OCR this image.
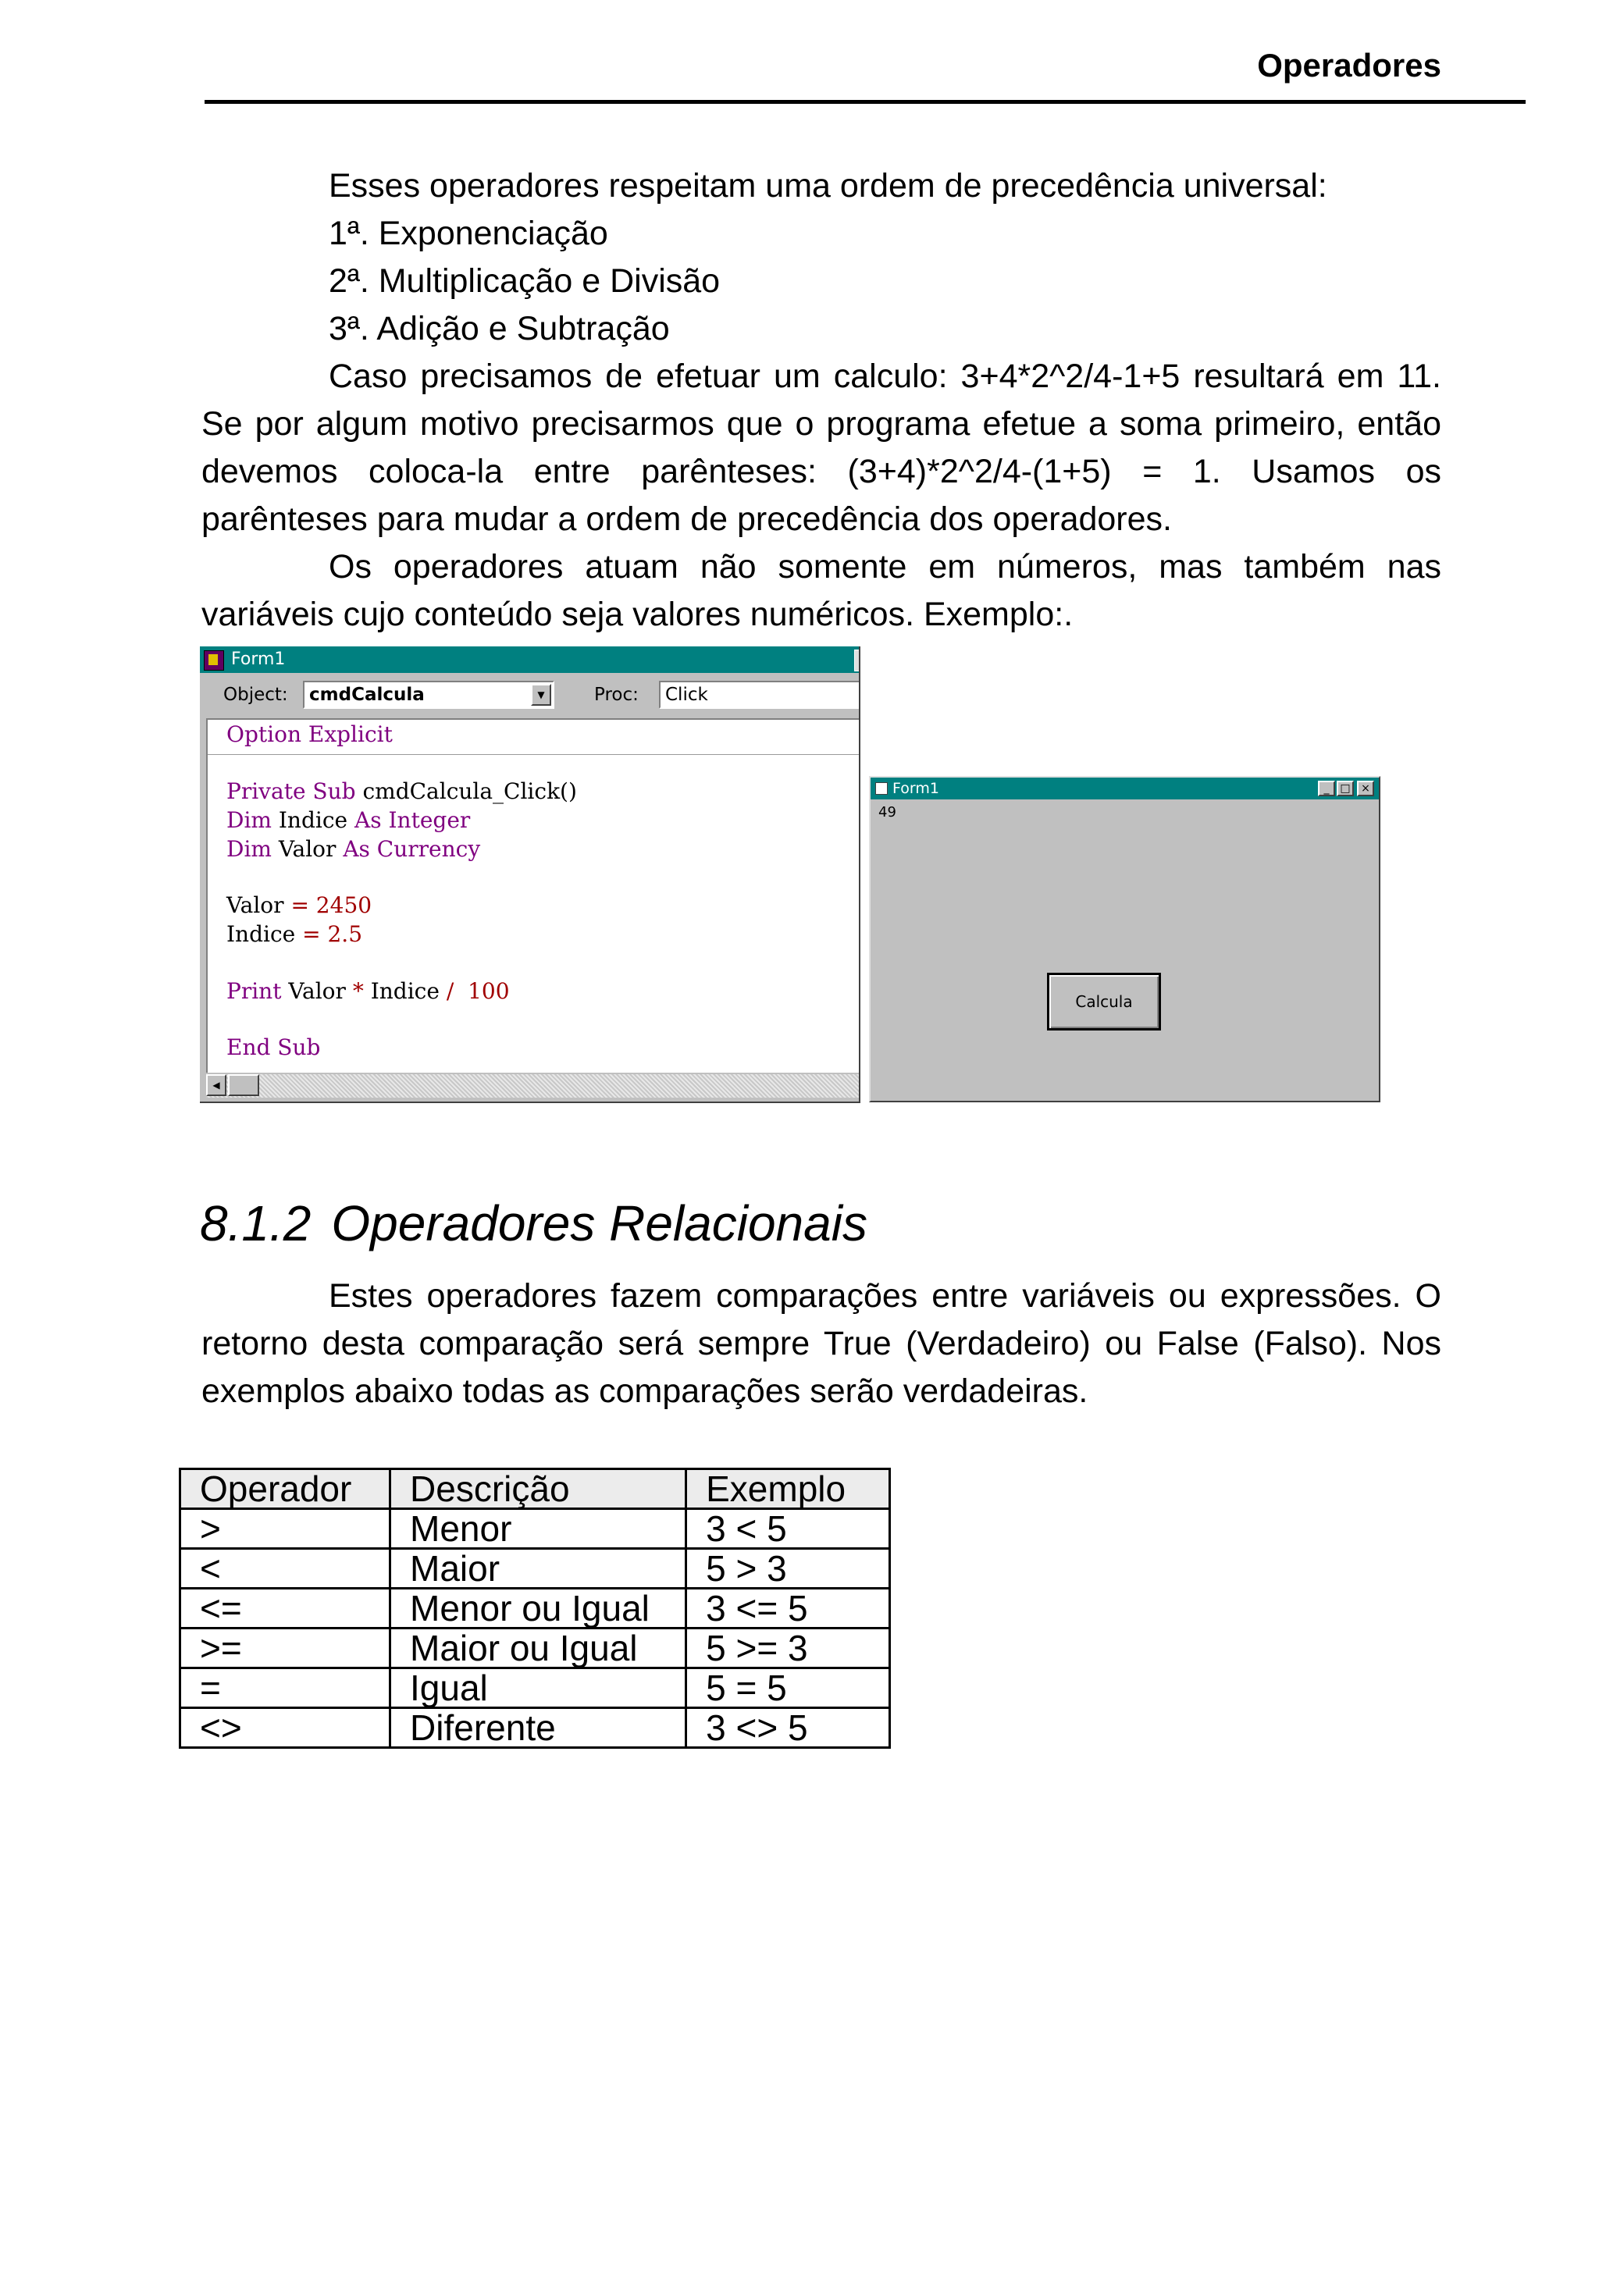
Operadores

Esses operadores respeitam uma ordem de precedência universal:

1ª. Exponenciação

2ª. Multiplicação e Divisão

3ª. Adição e Subtração

Caso precisamos de efetuar um calculo: 3+4*2^2/4-1+5 resultará em 11. Se por algum motivo precisarmos que o programa efetue a soma primeiro, então devemos coloca-la entre parênteses: (3+4)*2^2/4-(1+5) = 1. Usamos os parênteses para mudar a ordem de precedência dos operadores.

Os operadores atuam não somente em números, mas também nas variáveis cujo conteúdo seja valores numéricos. Exemplo:.

Form1
Object:	cmdCalcula	▼	Proc:	Click
Option Explicit
Private Sub cmdCalcula_Click()
Dim Indice As Integer
Dim Valor As Currency
Valor = 2450
Indice = 2.5
Print Valor * Indice /  100
End Sub
◀
Form1	_ □ ×
49
Calcula
8.1.2 Operadores Relacionais

Estes operadores fazem comparações entre variáveis ou expressões. O retorno desta comparação será sempre True (Verdadeiro) ou False (Falso). Nos exemplos abaixo todas as comparações serão verdadeiras.

Operador	Descrição	Exemplo
>	Menor	3 < 5
<	Maior	5 > 3
<=	Menor ou Igual	3 <= 5
>=	Maior ou Igual	5 >= 3
=	Igual	5 = 5
<>	Diferente	3 <> 5
